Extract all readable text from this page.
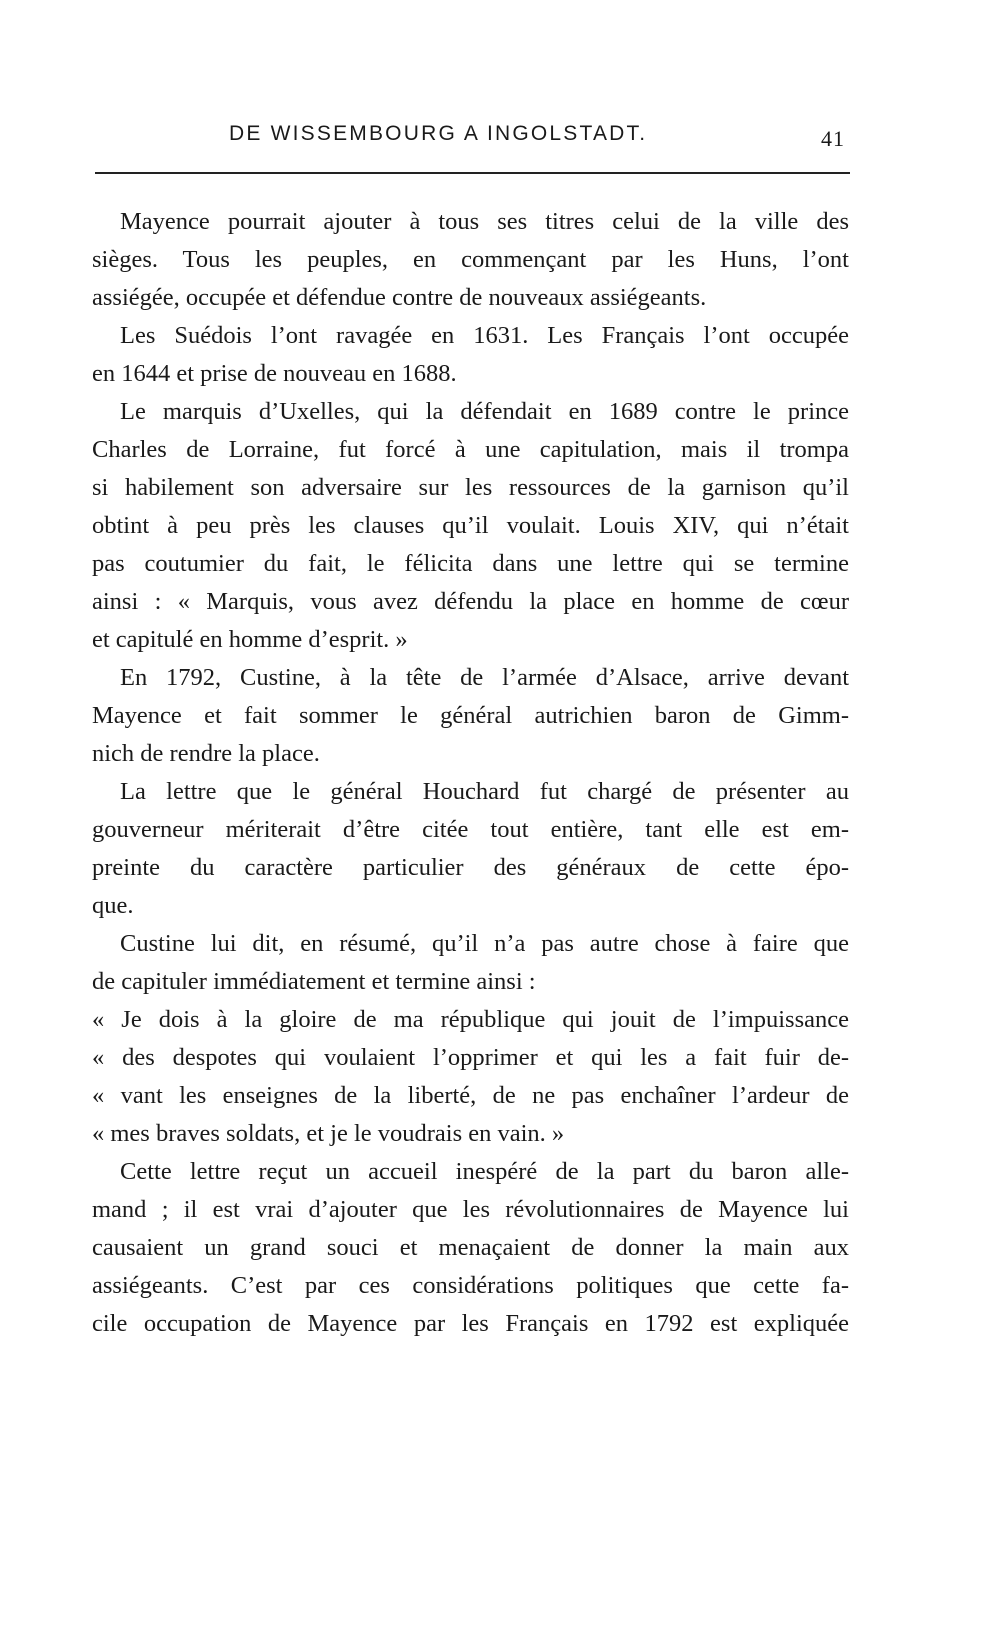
DE WISSEMBOURG A INGOLSTADT.	41
Mayence pourrait ajouter à tous ses titres celui de la ville des
sièges. Tous les peuples, en commençant par les Huns, l’ont
assiégée, occupée et défendue contre de nouveaux assiégeants.
Les Suédois l’ont ravagée en 1631. Les Français l’ont occupée
en 1644 et prise de nouveau en 1688.
Le marquis d’Uxelles, qui la défendait en 1689 contre le prince
Charles de Lorraine, fut forcé à une capitulation, mais il trompa
si habilement son adversaire sur les ressources de la garnison qu’il
obtint à peu près les clauses qu’il voulait. Louis XIV, qui n’était
pas coutumier du fait, le félicita dans une lettre qui se termine
ainsi : « Marquis, vous avez défendu la place en homme de cœur
et capitulé en homme d’esprit. »
En 1792, Custine, à la tête de l’armée d’Alsace, arrive devant
Mayence et fait sommer le général autrichien baron de Gimm-
nich de rendre la place.
La lettre que le général Houchard fut chargé de présenter au
gouverneur mériterait d’être citée tout entière, tant elle est em-
preinte du caractère particulier des généraux de cette épo-
que.
Custine lui dit, en résumé, qu’il n’a pas autre chose à faire que
de capituler immédiatement et termine ainsi :
« Je dois à la gloire de ma république qui jouit de l’impuissance
« des despotes qui voulaient l’opprimer et qui les a fait fuir de-
« vant les enseignes de la liberté, de ne pas enchaîner l’ardeur de
« mes braves soldats, et je le voudrais en vain. »
Cette lettre reçut un accueil inespéré de la part du baron alle-
mand ; il est vrai d’ajouter que les révolutionnaires de Mayence lui
causaient un grand souci et menaçaient de donner la main aux
assiégeants. C’est par ces considérations politiques que cette fa-
cile occupation de Mayence par les Français en 1792 est expliquée
